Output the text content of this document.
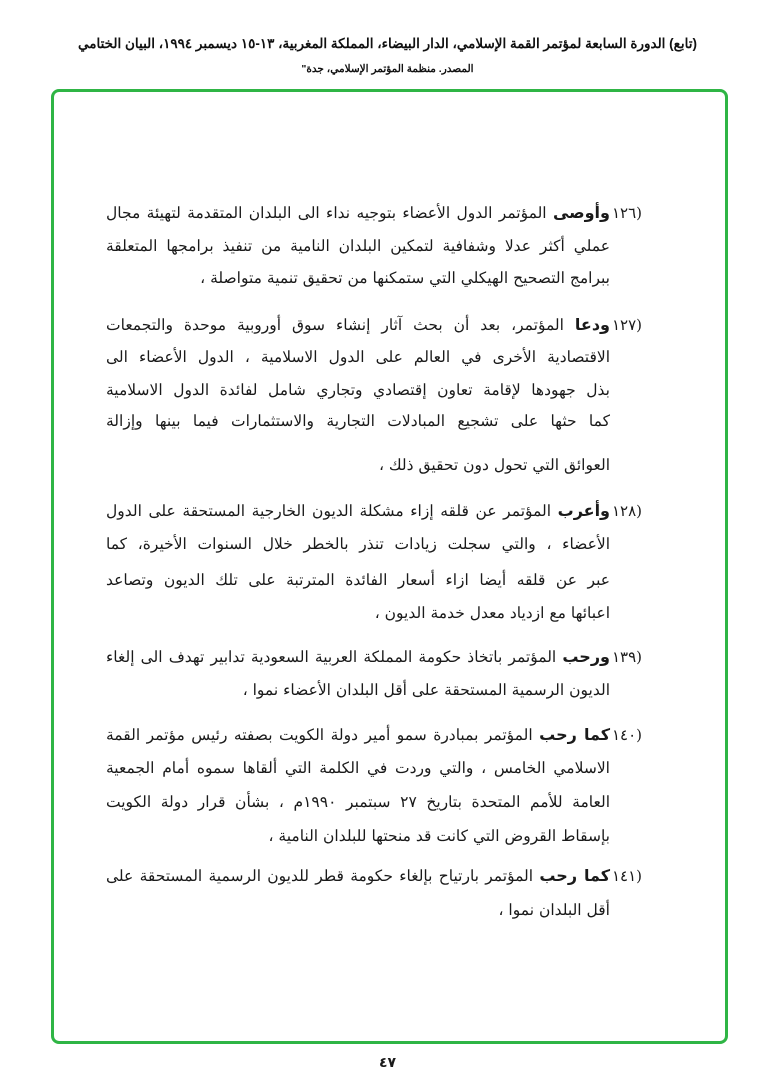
(تابع) الدورة السابعة لمؤتمر القمة الإسلامي، الدار البيضاء، المملكة المغربية، ١٣-١٥ ديسمبر ١٩٩٤، البيان الختامي
المصدر. منظمة المؤتمر الإسلامي، جدة"
١٢٦)
وأوصى المؤتمر الدول الأعضاء بتوجيه نداء الى البلدان المتقدمة لتهيئة مجال
عملي أكثر عدلا وشفافية لتمكين البلدان النامية من تنفيذ برامجها المتعلقة
ببرامج التصحيح الهيكلي التي ستمكنها من تحقيق تنمية متواصلة ،
١٢٧)
ودعا المؤتمر، بعد أن بحث آثار إنشاء سوق أوروبية موحدة والتجمعات
الاقتصادية الأخرى في العالم على الدول الاسلامية ، الدول الأعضاء الى
بذل جهودها لإقامة تعاون إقتصادي وتجاري شامل لفائدة الدول الاسلامية
كما حثها على تشجيع المبادلات التجارية والاستثمارات فيما بينها وإزالة
العوائق التي تحول دون تحقيق ذلك ،
١٢٨)
وأعرب المؤتمر عن قلقه إزاء مشكلة الديون الخارجية المستحقة على الدول
الأعضاء ، والتي سجلت زيادات تنذر بالخطر خلال السنوات الأخيرة، كما
عبر عن قلقه أيضا ازاء أسعار الفائدة المترتبة على تلك الديون وتصاعد
اعبائها مع ازدياد معدل خدمة الديون ،
١٣٩)
ورحب المؤتمر باتخاذ حكومة المملكة العربية السعودية تدابير تهدف الى إلغاء
الديون الرسمية المستحقة على أقل البلدان الأعضاء نموا ،
١٤٠)
كما رحب المؤتمر بمبادرة سمو أمير دولة الكويت بصفته رئيس مؤتمر القمة
الاسلامي الخامس ، والتي وردت في الكلمة التي ألقاها سموه أمام الجمعية
العامة للأمم المتحدة بتاريخ ٢٧ سبتمبر ١٩٩٠م ، بشأن قرار دولة الكويت
بإسقاط القروض التي كانت قد منحتها للبلدان النامية ،
١٤١)
كما رحب المؤتمر بارتياح بإلغاء حكومة قطر للديون الرسمية المستحقة على
أقل البلدان نموا ،
٤٧
